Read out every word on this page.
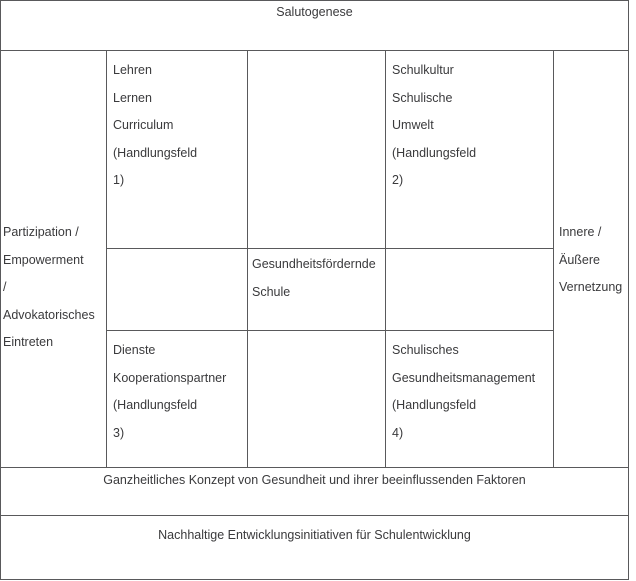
Salutogenese
Partizipation /
Empowerment
/
Advokatorisches
Eintreten
Lehren
Lernen
Curriculum
(Handlungsfeld
1)
Schulkultur
Schulische
Umwelt
(Handlungsfeld
2)
Innere /
Äußere
Vernetzung
Gesundheitsfördernde
Schule
Dienste
Kooperationspartner
(Handlungsfeld
3)
Schulisches
Gesundheitsmanagement
(Handlungsfeld
4)
Ganzheitliches Konzept von Gesundheit und ihrer beeinflussenden Faktoren
Nachhaltige Entwicklungsinitiativen für Schulentwicklung
